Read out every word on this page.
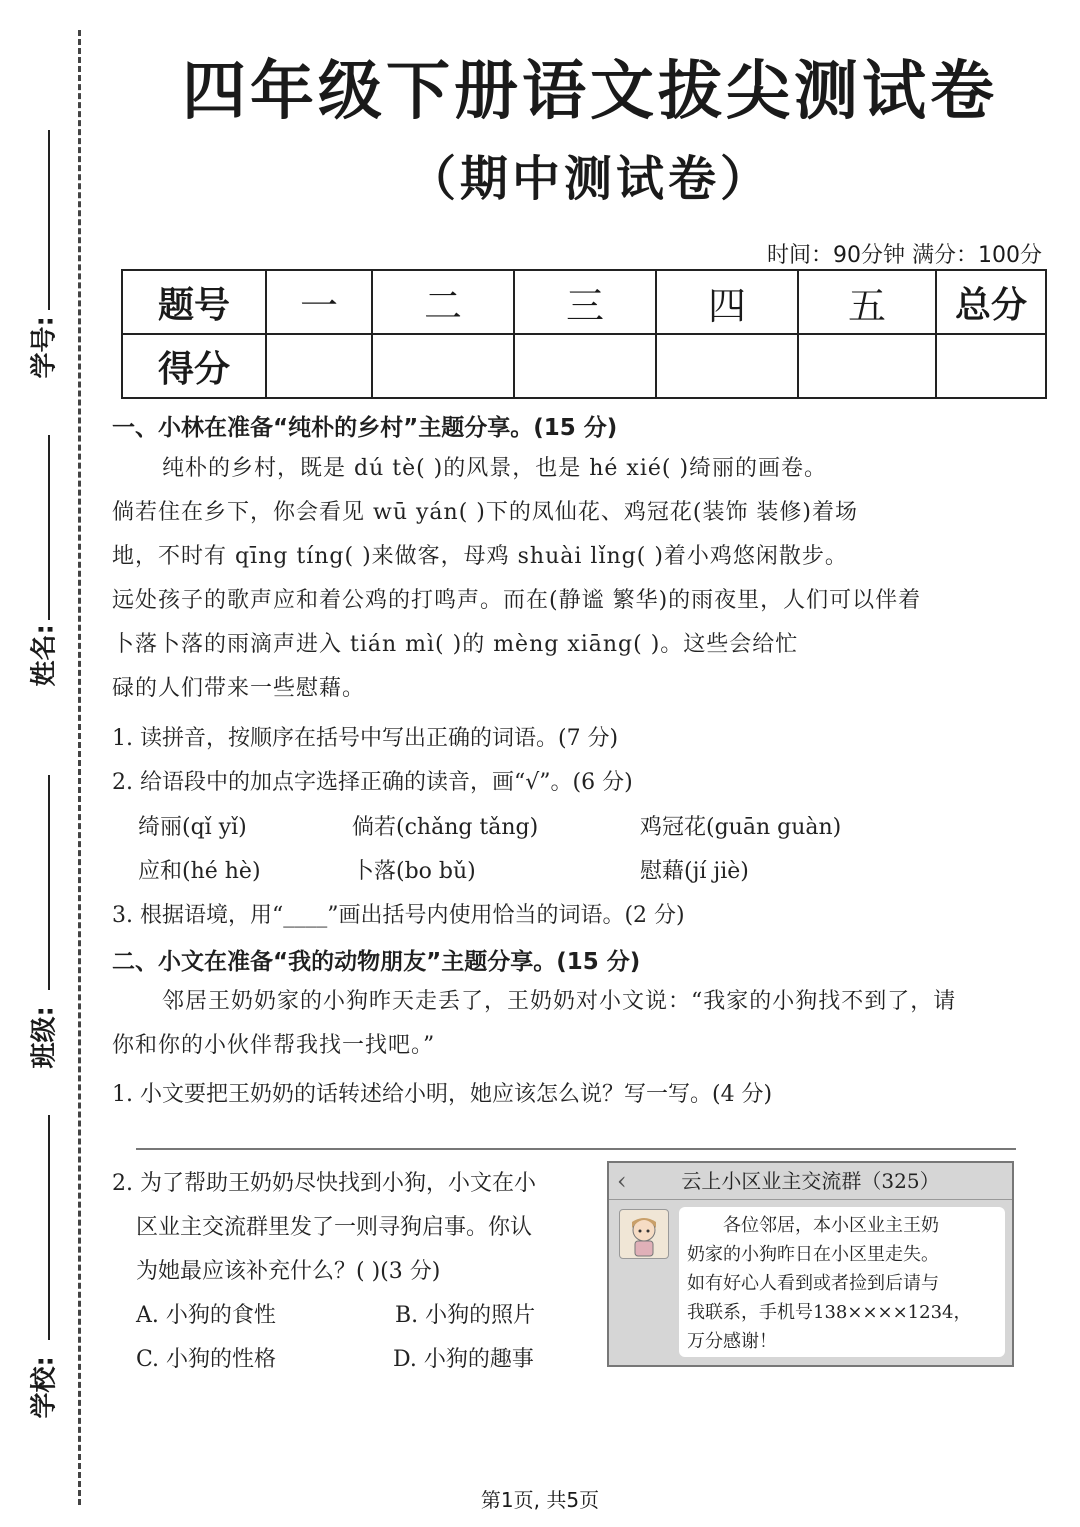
学号:
姓名:
班级:
学校:
四年级下册语文拔尖测试卷
（期中测试卷）
时间：90分钟 满分：100分
题号	一	二	三	四	五	总分
得分						
一、小林在准备“纯朴的乡村”主题分享。(15 分)
纯朴的乡村，既是 dú tè( )的风景，也是 hé xié( )绮丽的画卷。
倘若住在乡下，你会看见 wū yán( )下的凤仙花、鸡冠花(装饰 装修)着场
地，不时有 qīng tíng( )来做客，母鸡 shuài lǐng( )着小鸡悠闲散步。
远处孩子的歌声应和着公鸡的打鸣声。而在(静谧 繁华)的雨夜里，人们可以伴着
卜落卜落的雨滴声进入 tián mì( )的 mèng xiāng( )。这些会给忙
碌的人们带来一些慰藉。
1. 读拼音，按顺序在括号中写出正确的词语。(7 分)
2. 给语段中的加点字选择正确的读音，画“√”。(6 分)
绮丽(qǐ yǐ)	倘若(chǎng tǎng)	鸡冠花(guān guàn)
应和(hé hè)	卜落(bo bǔ)	慰藉(jí jiè)
3. 根据语境，用“____”画出括号内使用恰当的词语。(2 分)
二、小文在准备“我的动物朋友”主题分享。(15 分)
邻居王奶奶家的小狗昨天走丢了，王奶奶对小文说：“我家的小狗找不到了，请
你和你的小伙伴帮我找一找吧。”
1. 小文要把王奶奶的话转述给小明，她应该怎么说？写一写。(4 分)
2. 为了帮助王奶奶尽快找到小狗，小文在小
区业主交流群里发了一则寻狗启事。你认
为她最应该补充什么？( )(3 分)
A. 小狗的食性	B. 小狗的照片
C. 小狗的性格	D. 小狗的趣事
‹	云上小区业主交流群（325）
各位邻居，本小区业主王奶
奶家的小狗昨日在小区里走失。
如有好心人看到或者捡到后请与
我联系，手机号138××××1234，
万分感谢！
第1页, 共5页
